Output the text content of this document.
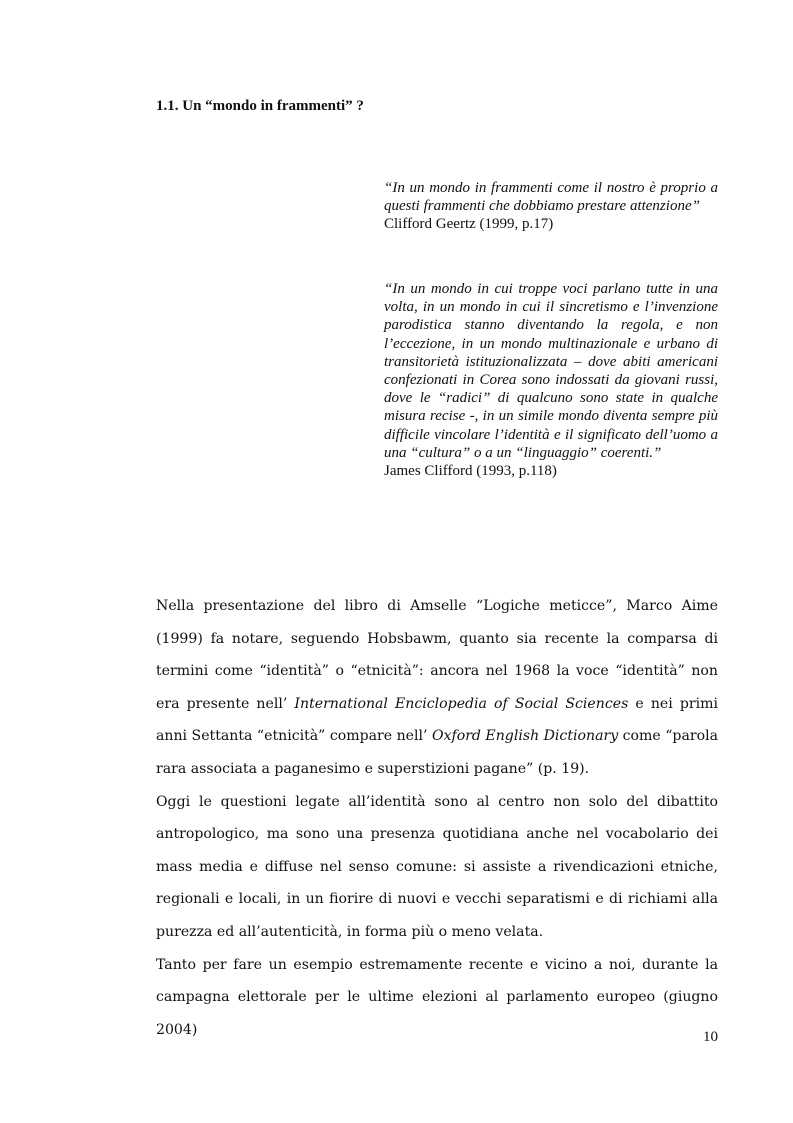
1.1. Un “mondo in frammenti” ?

“In un mondo in frammenti come il nostro è proprio a questi frammenti che dobbiamo prestare attenzione”

Clifford Geertz (1999, p.17)

“In un mondo in cui troppe voci parlano tutte in una volta, in un mondo in cui il sincretismo e l’invenzione parodistica stanno diventando la regola, e non l’eccezione, in un mondo multinazionale e urbano di transitorietà istituzionalizzata – dove abiti americani confezionati in Corea sono indossati da giovani russi, dove le “radici” di qualcuno sono state in qualche misura recise -, in un simile mondo diventa sempre più difficile vincolare l’identità e il significato dell’uomo a una “cultura” o a un “linguaggio” coerenti.”

James Clifford (1993, p.118)

Nella presentazione del libro di Amselle “Logiche meticce”, Marco Aime (1999) fa notare, seguendo Hobsbawm, quanto sia recente la comparsa di termini come “identità” o “etnicità”: ancora nel 1968 la voce “identità” non era presente nell’ International Enciclopedia of Social Sciences e nei primi anni Settanta “etnicità” compare nell’ Oxford English Dictionary come “parola rara associata a paganesimo e superstizioni pagane” (p. 19).

Oggi le questioni legate all’identità sono al centro non solo del dibattito antropologico, ma sono una presenza quotidiana anche nel vocabolario dei mass media e diffuse nel senso comune: si assiste a rivendicazioni etniche, regionali e locali, in un fiorire di nuovi e vecchi separatismi e di richiami alla purezza ed all’autenticità, in forma più o meno velata.

Tanto per fare un esempio estremamente recente e vicino a noi, durante la campagna elettorale per le ultime elezioni al parlamento europeo (giugno 2004)	10
